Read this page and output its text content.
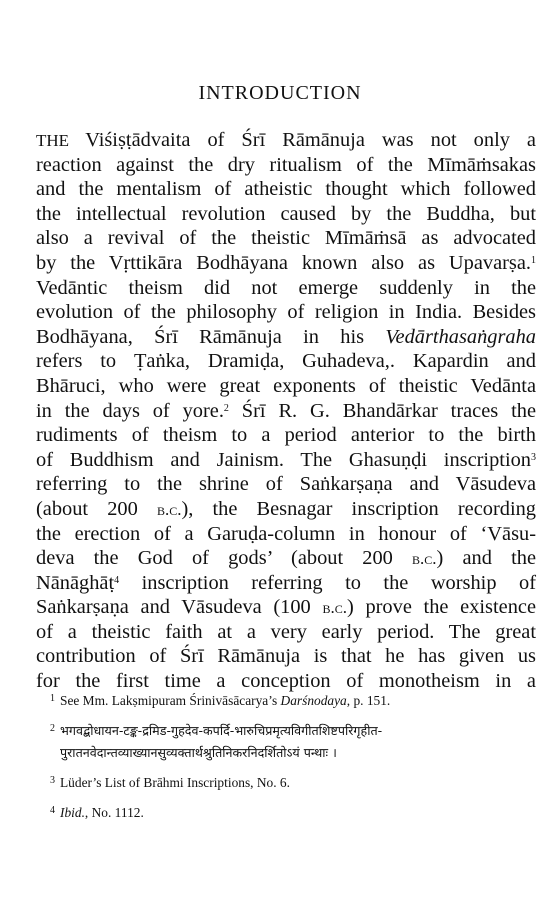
INTRODUCTION
THE Viśiṣṭādvaita of Śrī Rāmānuja was not only a
reaction against the dry ritualism of the Mīmāṁsakas
and the mentalism of atheistic thought which followed
the intellectual revolution caused by the Buddha, but
also a revival of the theistic Mīmāṁsā as advocated
by the Vṛttikāra Bodhāyana known also as Upavarṣa.$^1$
Vedāntic theism did not emerge suddenly in the
evolution of the philosophy of religion in India. Besides
Bodhāyana, Śrī Rāmānuja in his Vedārthasaṅgraha
refers to Ṭaṅka, Dramiḍa, Guhadeva,. Kapardin and
Bhāruci, who were great exponents of theistic Vedānta
in the days of yore.$^2$ Śrī R. G. Bhandārkar traces the
rudiments of theism to a period anterior to the birth
of Buddhism and Jainism. The Ghasuṇḍi inscription$^3$
referring to the shrine of Saṅkarṣaṇa and Vāsudeva
(about 200 b.c.), the Besnagar inscription recording
the erection of a Garuḍa-column in honour of ‘Vāsu-
deva the God of gods’ (about 200 b.c.) and the
Nānāghāṭ$^4$ inscription referring to the worship of
Saṅkarṣaṇa and Vāsudeva (100 b.c.) prove the existence
of a theistic faith at a very early period. The great
contribution of Śrī Rāmānuja is that he has given us
for the first time a conception of monotheism in a
1 See Mm. Lakṣmipuram Śrinivāsācarya’s Darśnodaya, p. 151.
2 भगवद्बोधायन-टङ्क-द्रमिड-गुहदेव-कपर्दि-भारुचिप्रमृत्यविगीतशिष्टपरिगृहीत-
पुरातनवेदान्तव्याख्यानसुव्यक्तार्थश्रुतिनिकरनिदर्शितोऽयं पन्थाः ।
3 Lüder’s List of Brāhmi Inscriptions, No. 6.
4 Ibid., No. 1112.
